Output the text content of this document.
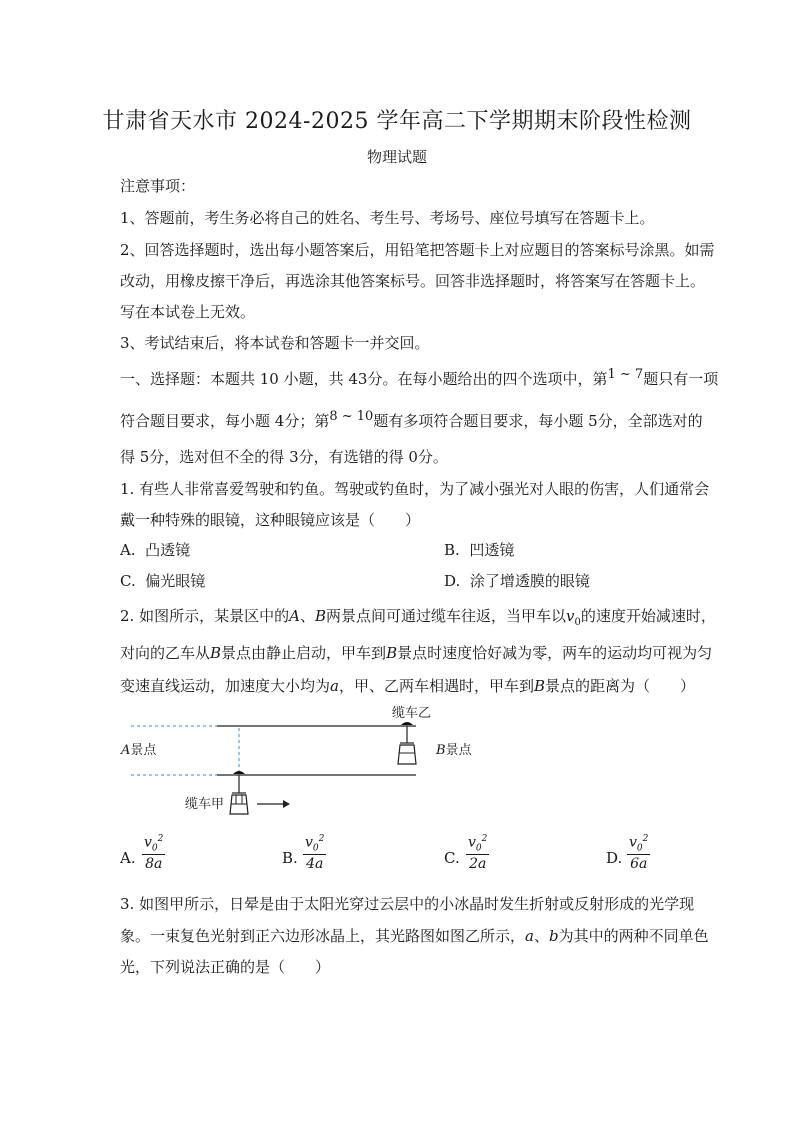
甘肃省天水市 2024-2025 学年高二下学期期末阶段性检测
物理试题
注意事项：
1、答题前，考生务必将自己的姓名、考生号、考场号、座位号填写在答题卡上。
2、回答选择题时，选出每小题答案后，用铅笔把答题卡上对应题目的答案标号涂黑。如需
改动，用橡皮擦干净后，再选涂其他答案标号。回答非选择题时，将答案写在答题卡上。
写在本试卷上无效。
3、考试结束后，将本试卷和答题卡一并交回。
一、选择题：本题共 10 小题，共 43分。在每小题给出的四个选项中，第1 ~ 7题只有一项
符合题目要求，每小题 4分；第8 ~ 10题有多项符合题目要求，每小题 5分，全部选对的
得 5分，选对但不全的得 3分，有选错的得 0分。
1. 有些人非常喜爱驾驶和钓鱼。驾驶或钓鱼时，为了减小强光对人眼的伤害，人们通常会
戴一种特殊的眼镜，这种眼镜应该是（　　）
A. 凸透镜	B. 凹透镜
C. 偏光眼镜	D. 涂了增透膜的眼镜
2. 如图所示，某景区中的A、B两景点间可通过缆车往返，当甲车以$v_0$的速度开始减速时，
对向的乙车从B景点由静止启动，甲车到B景点时速度恰好减为零，两车的运动均可视为匀
变速直线运动，加速度大小均为a，甲、乙两车相遇时，甲车到B景点的距离为（　　）
A景点	B景点
缆车乙
缆车甲
A.
$v_0^2$
8a	B.
$v_0^2$
4a	C.
$v_0^2$
2a	D.
$v_0^2$
6a
3. 如图甲所示，日晕是由于太阳光穿过云层中的小冰晶时发生折射或反射形成的光学现
象。一束复色光射到正六边形冰晶上，其光路图如图乙所示，a、b为其中的两种不同单色
光，下列说法正确的是（　　）
